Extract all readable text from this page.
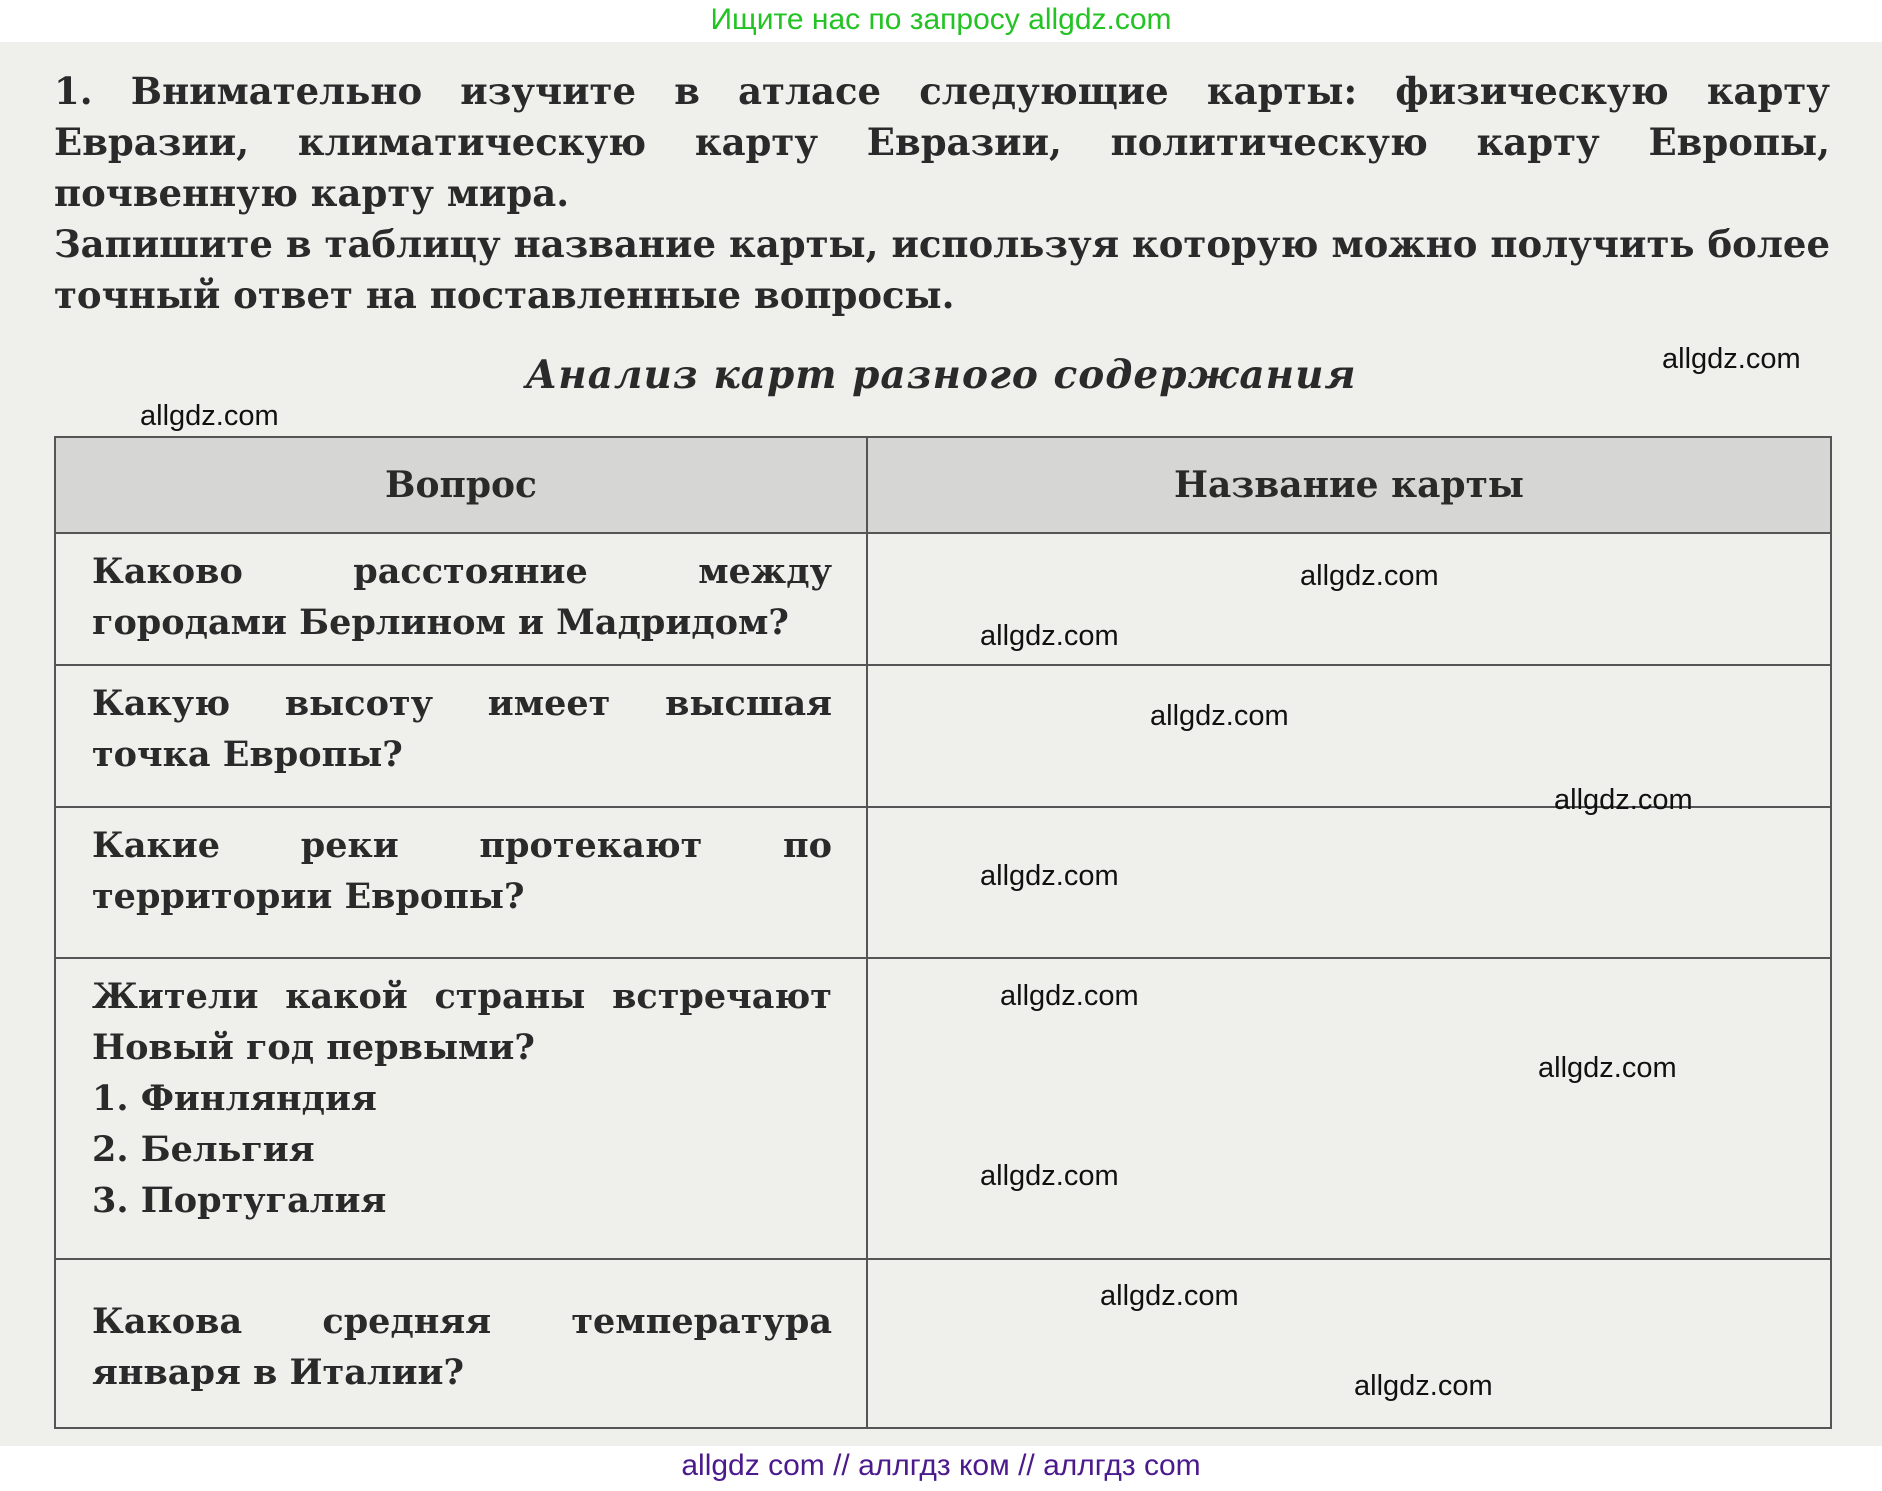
Ищите нас по запросу allgdz.com
1. Внимательно изучите в атласе следующие карты: физическую карту Евразии, климатическую карту Евразии, политическую карту Европы, почвенную карту мира.
Запишите в таблицу название карты, используя которую можно получить более точный ответ на поставленные вопросы.
Анализ карт разного содержания
Вопрос	Название карты
Каково расстояние между городами Берлином и Мадридом?	
Какую высоту имеет высшая точка Европы?	
Какие реки протекают по территории Европы?	

Жители какой страны встречают Новый год первыми?
1. Финляндия
2. Бельгия
3. Португалия	

Какова средняя температура января в Италии?	
allgdz.com
allgdz.com
allgdz.com
allgdz.com
allgdz.com
allgdz.com
allgdz.com
allgdz.com
allgdz.com
allgdz.com
allgdz.com
allgdz.com
allgdz com // аллгдз ком // аллгдз com
